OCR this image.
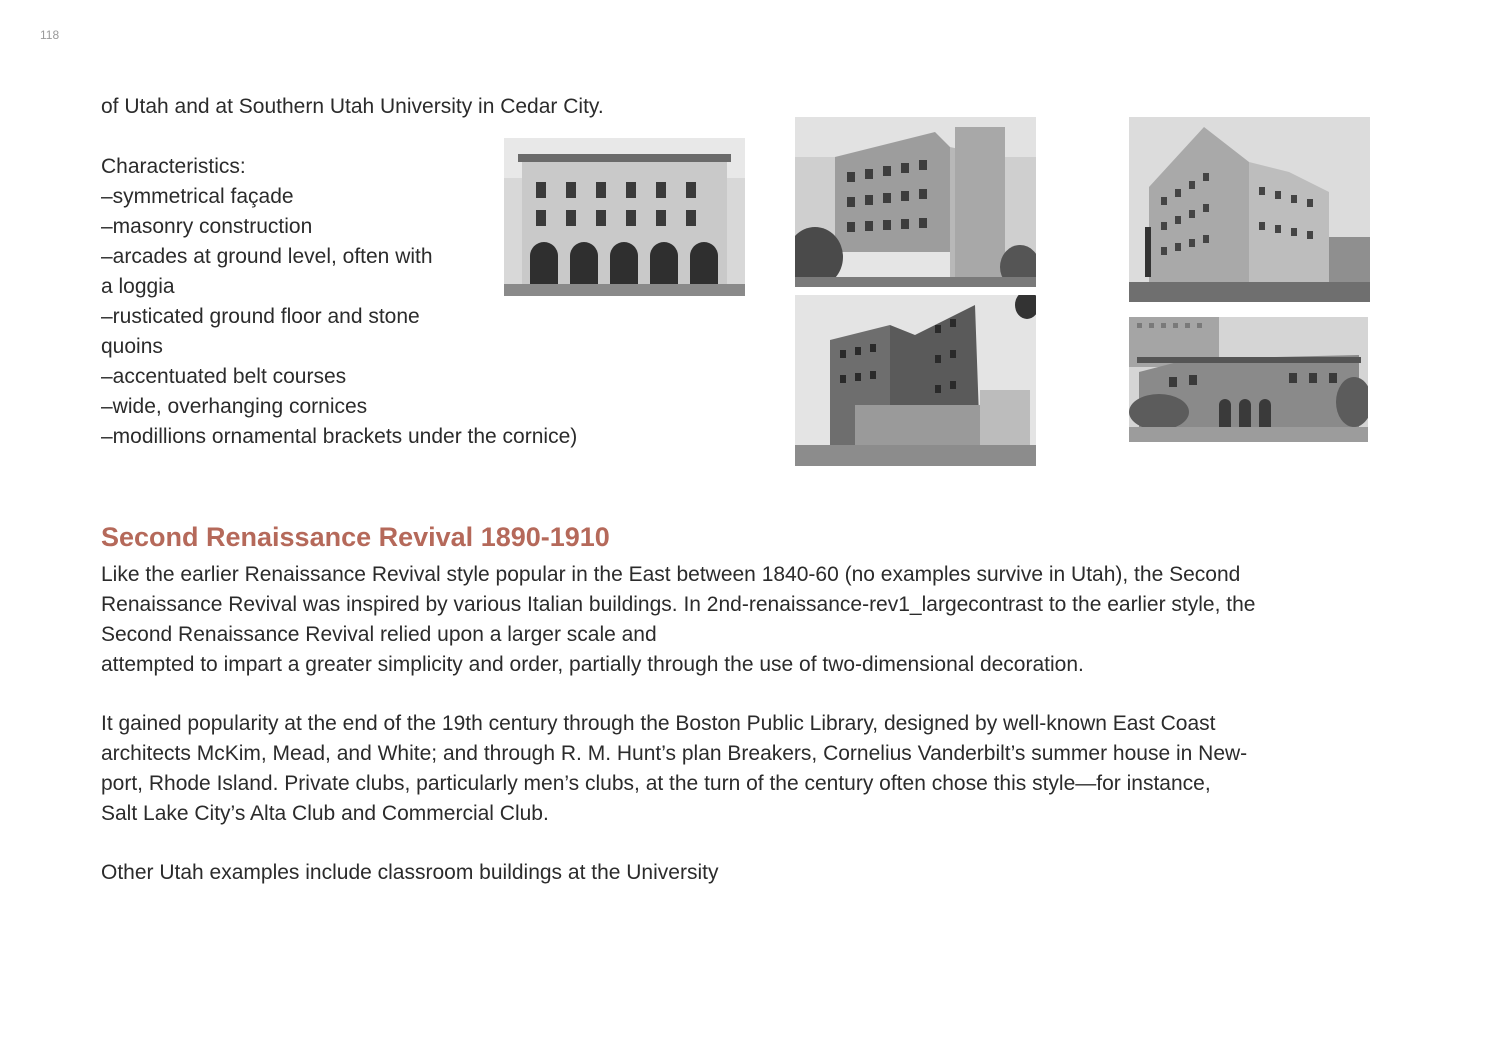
118
of Utah and at Southern Utah University in Cedar City.
Characteristics:
–symmetrical façade
–masonry construction
–arcades at ground level, often with
a loggia
–rusticated ground floor and stone
quoins
–accentuated belt courses
–wide, overhanging cornices
–modillions ornamental brackets under the cornice)
Second Renaissance Revival 1890-1910
Like the earlier Renaissance Revival style popular in the East between 1840-60 (no examples survive in Utah), the Second
Renaissance Revival was inspired by various Italian buildings. In 2nd-renaissance-rev1_largecontrast to the earlier style, the
Second Renaissance Revival relied upon a larger scale and
attempted to impart a greater simplicity and order, partially through the use of two-dimensional decoration.
It gained popularity at the end of the 19th century through the Boston Public Library, designed by well-known East Coast
architects McKim, Mead, and White; and through R. M. Hunt’s plan Breakers, Cornelius Vanderbilt’s summer house in New-
port, Rhode Island. Private clubs, particularly men’s clubs, at the turn of the century often chose this style—for instance,
Salt Lake City’s Alta Club and Commercial Club.
Other Utah examples include classroom buildings at the University
